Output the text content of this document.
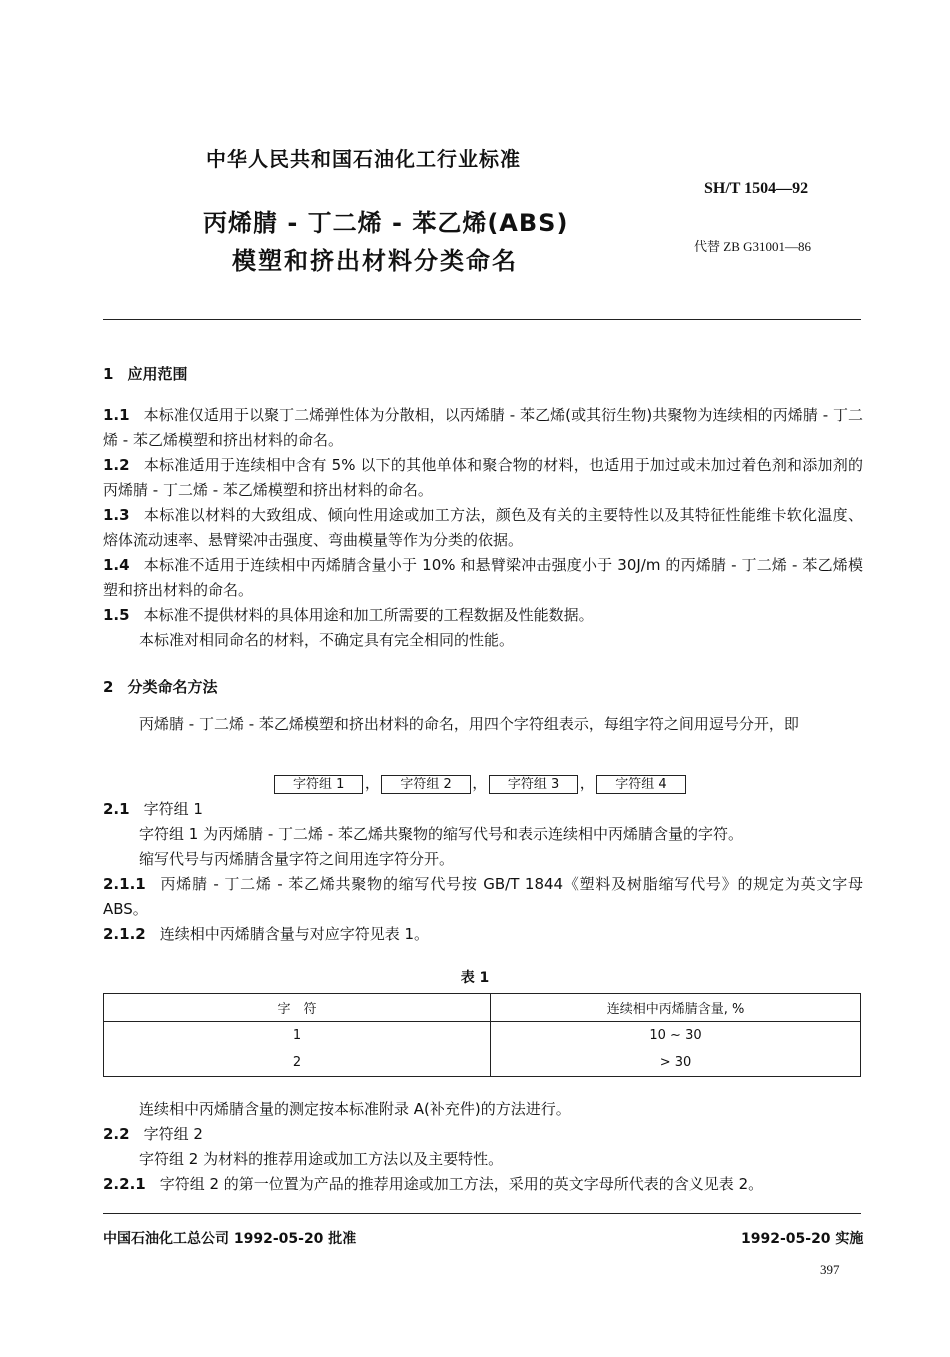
中华人民共和国石油化工行业标准
SH/T 1504—92
丙烯腈 - 丁二烯 - 苯乙烯(ABS)
模塑和挤出材料分类命名
代替 ZB G31001—86

1 应用范围

1.1 本标准仅适用于以聚丁二烯弹性体为分散相，以丙烯腈 - 苯乙烯(或其衍生物)共聚物为连续相的丙烯腈 - 丁二烯 - 苯乙烯模塑和挤出材料的命名。

1.2 本标准适用于连续相中含有 5% 以下的其他单体和聚合物的材料，也适用于加过或未加过着色剂和添加剂的丙烯腈 - 丁二烯 - 苯乙烯模塑和挤出材料的命名。

1.3 本标准以材料的大致组成、倾向性用途或加工方法，颜色及有关的主要特性以及其特征性能维卡软化温度、熔体流动速率、悬臂梁冲击强度、弯曲模量等作为分类的依据。

1.4 本标准不适用于连续相中丙烯腈含量小于 10% 和悬臂梁冲击强度小于 30J/m 的丙烯腈 - 丁二烯 - 苯乙烯模塑和挤出材料的命名。

1.5 本标准不提供材料的具体用途和加工所需要的工程数据及性能数据。

本标准对相同命名的材料，不确定具有完全相同的性能。

2 分类命名方法

丙烯腈 - 丁二烯 - 苯乙烯模塑和挤出材料的命名，用四个字符组表示，每组字符之间用逗号分开，即

字符组 1 ， 字符组 2 ， 字符组 3 ， 字符组 4

2.1 字符组 1

字符组 1 为丙烯腈 - 丁二烯 - 苯乙烯共聚物的缩写代号和表示连续相中丙烯腈含量的字符。

缩写代号与丙烯腈含量字符之间用连字符分开。

2.1.1 丙烯腈 - 丁二烯 - 苯乙烯共聚物的缩写代号按 GB/T 1844《塑料及树脂缩写代号》的规定为英文字母 ABS。

2.1.2 连续相中丙烯腈含量与对应字符见表 1。

表 1
字　符	连续相中丙烯腈含量, %
1	10 ~ 30
2	> 30

连续相中丙烯腈含量的测定按本标准附录 A(补充件)的方法进行。

2.2 字符组 2

字符组 2 为材料的推荐用途或加工方法以及主要特性。

2.2.1 字符组 2 的第一位置为产品的推荐用途或加工方法，采用的英文字母所代表的含义见表 2。

中国石油化工总公司 1992-05-20 批准	1992-05-20 实施
397
